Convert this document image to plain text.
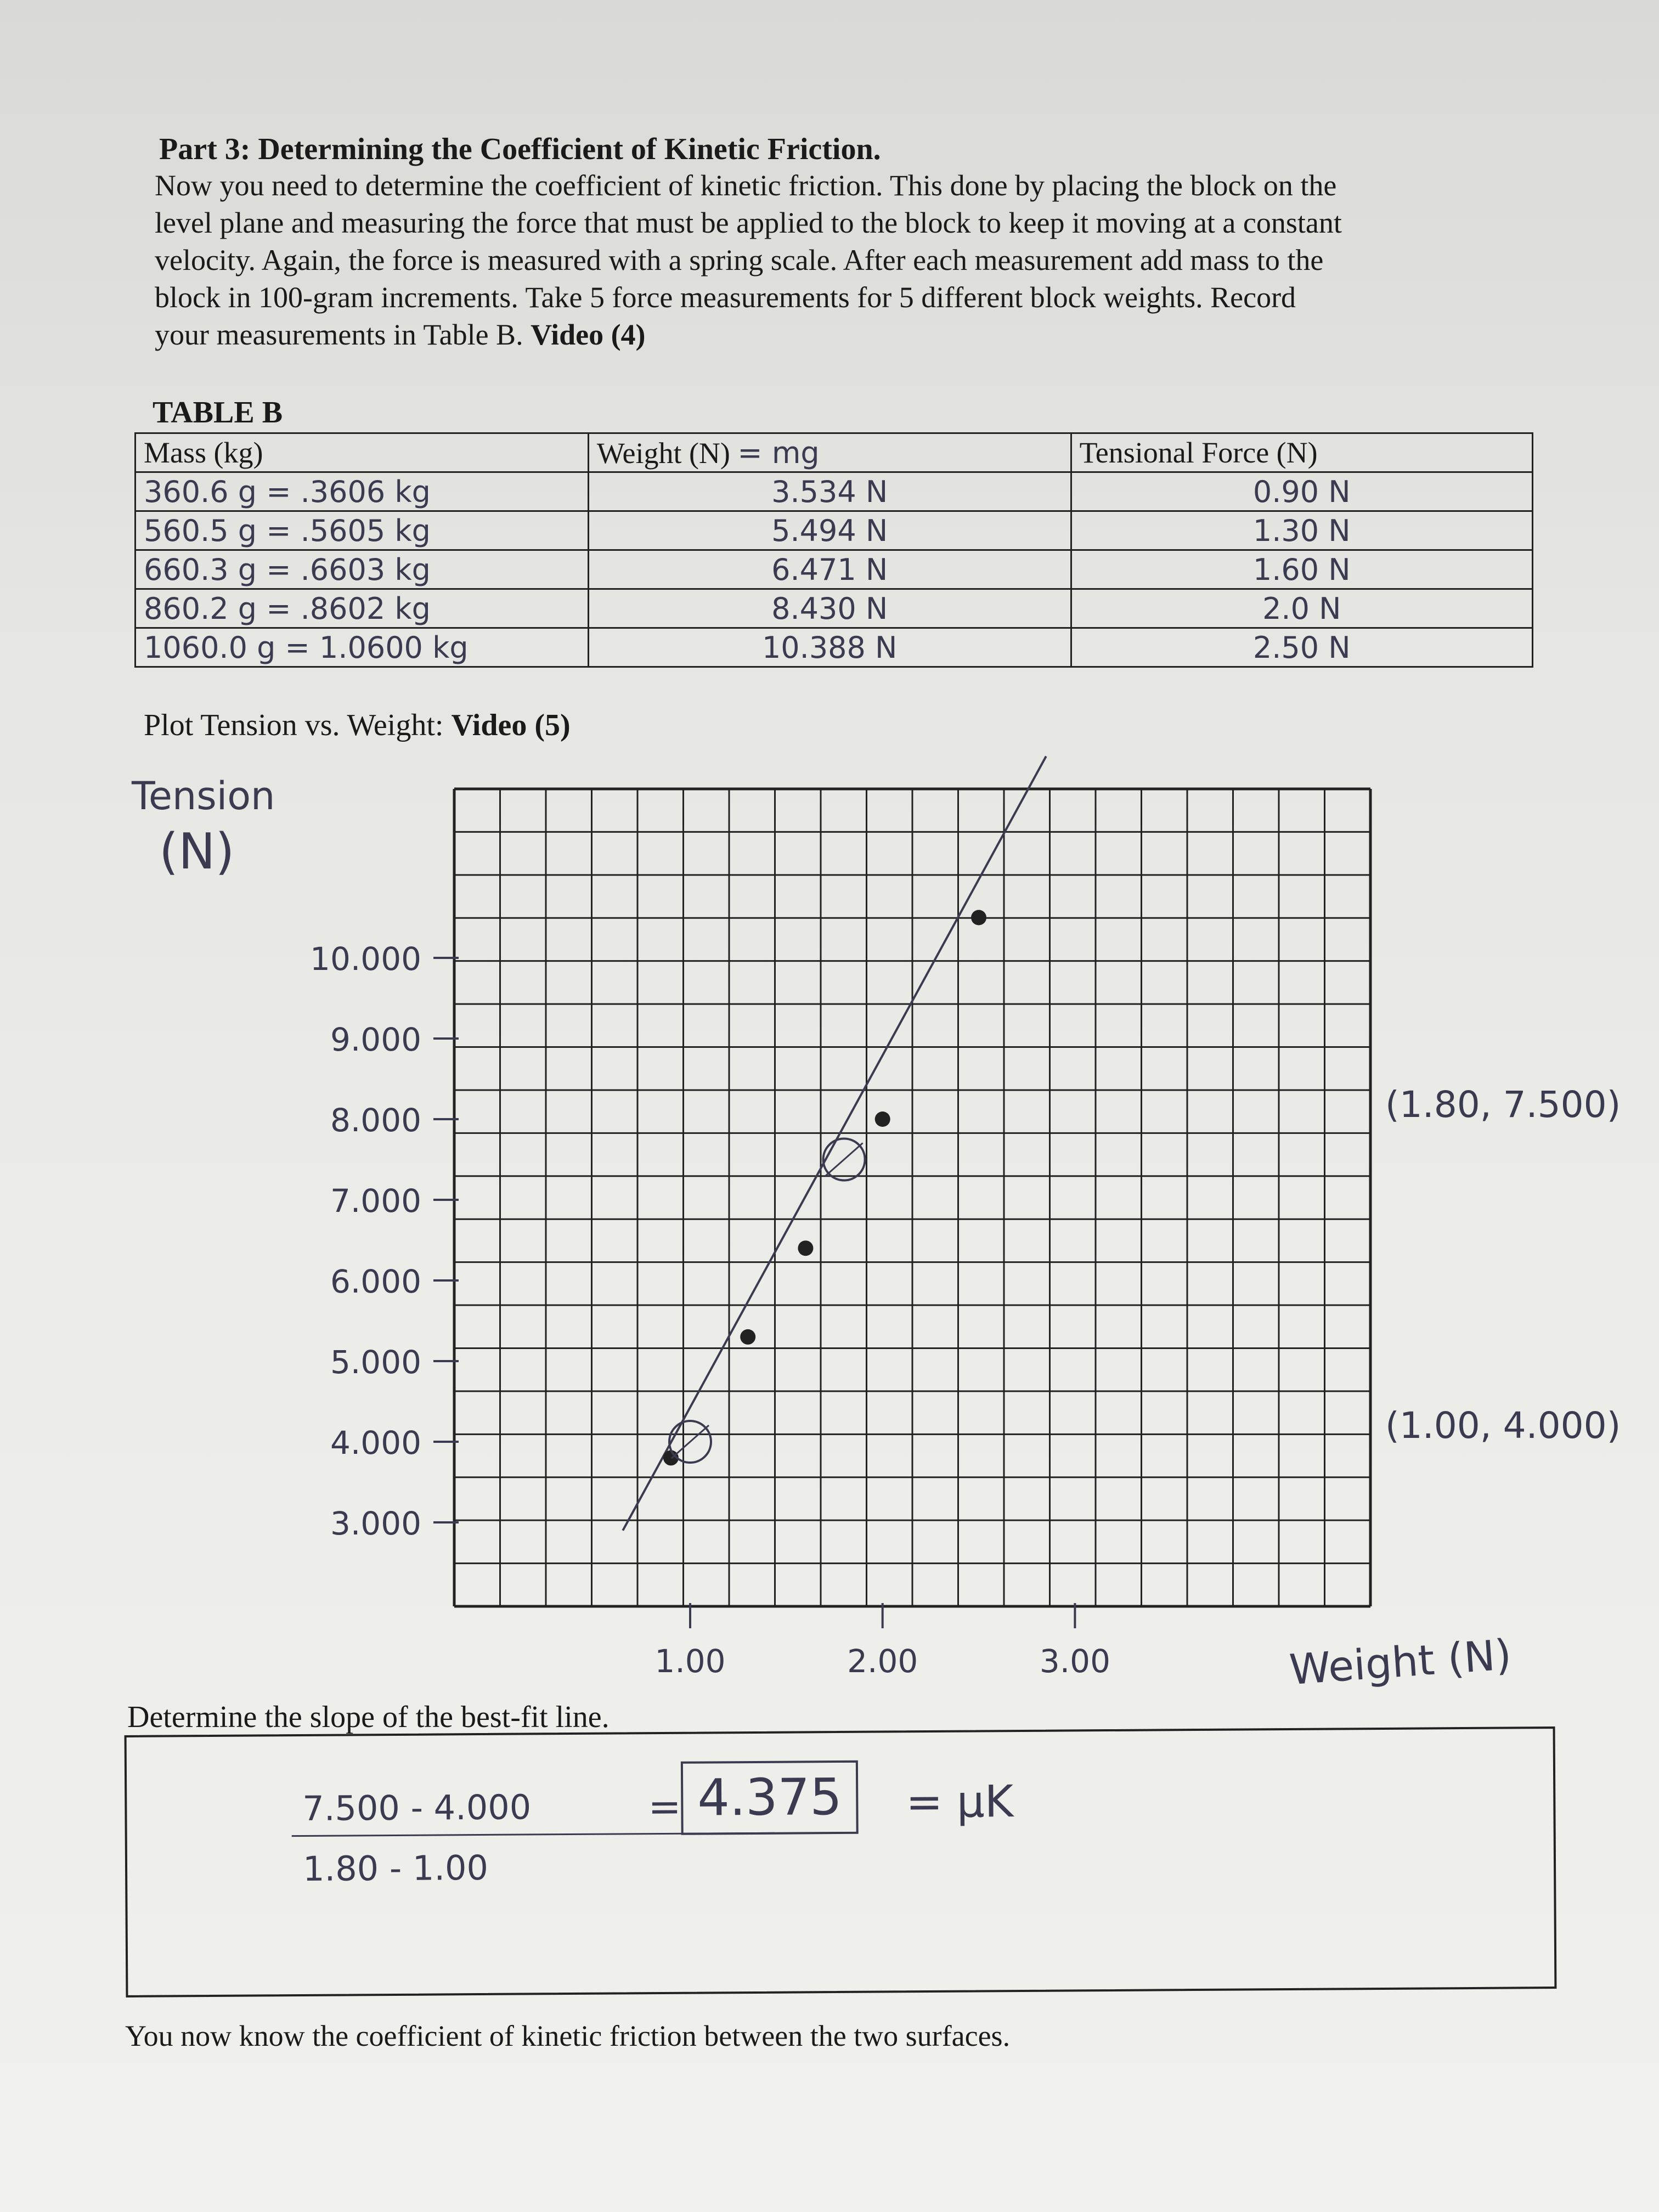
Part 3: Determining the Coefficient of Kinetic Friction.
Now you need to determine the coefficient of kinetic friction. This done by placing the block on the
level plane and measuring the force that must be applied to the block to keep it moving at a constant
velocity. Again, the force is measured with a spring scale. After each measurement add mass to the
block in 100-gram increments. Take 5 force measurements for 5 different block weights. Record
your measurements in Table B. Video (4)
TABLE B
Mass (kg)	Weight (N) = mg	Tensional Force (N)
360.6 g = .3606 kg	3.534 N	0.90 N
560.5 g = .5605 kg	5.494 N	1.30 N
660.3 g = .6603 kg	6.471 N	1.60 N
860.2 g = .8602 kg	8.430 N	2.0 N
1060.0 g = 1.0600 kg	10.388 N	2.50 N
Plot Tension vs. Weight: Video (5)
Tension
(N)
3.000
4.000
5.000
6.000
7.000
8.000
9.000
10.000
1.00	2.00	3.00
(1.80, 7.500)
(1.00, 4.000)
Weight (N)
Determine the slope of the best-fit line.
7.500 - 4.000
1.80 - 1.00
= 4.375	= μK
You now know the coefficient of kinetic friction between the two surfaces.
